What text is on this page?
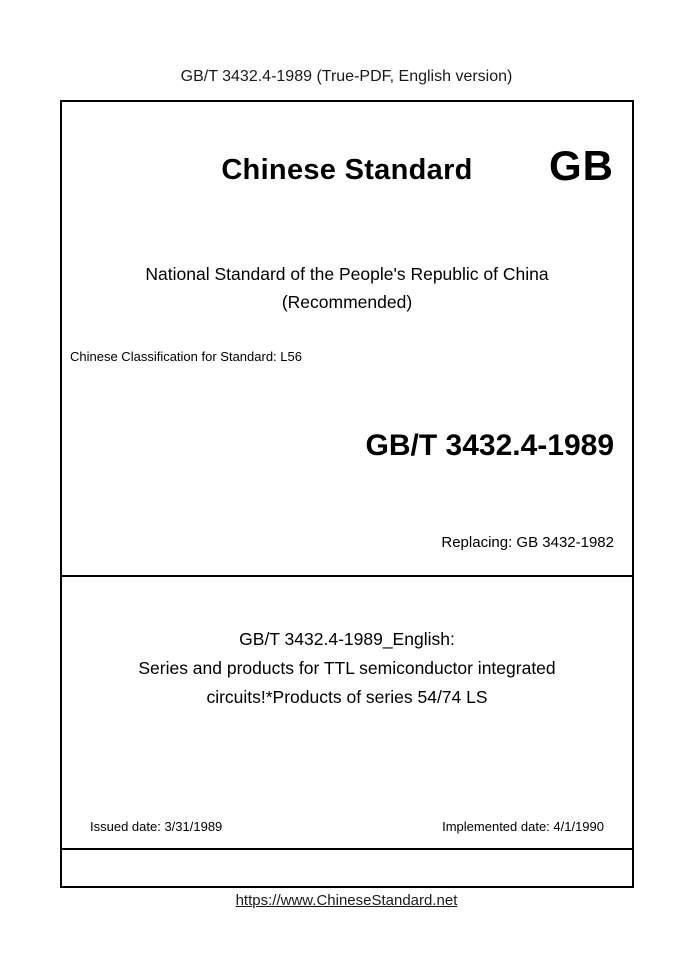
GB/T 3432.4-1989 (True-PDF, English version)
Chinese Standard	GB
National Standard of the People's Republic of China
(Recommended)
Chinese Classification for Standard: L56
GB/T 3432.4-1989
Replacing: GB 3432-1982
GB/T 3432.4-1989_English:
Series and products for TTL semiconductor integrated
circuits!*Products of series 54/74 LS
Issued date: 3/31/1989	Implemented date: 4/1/1990
https://www.ChineseStandard.net
